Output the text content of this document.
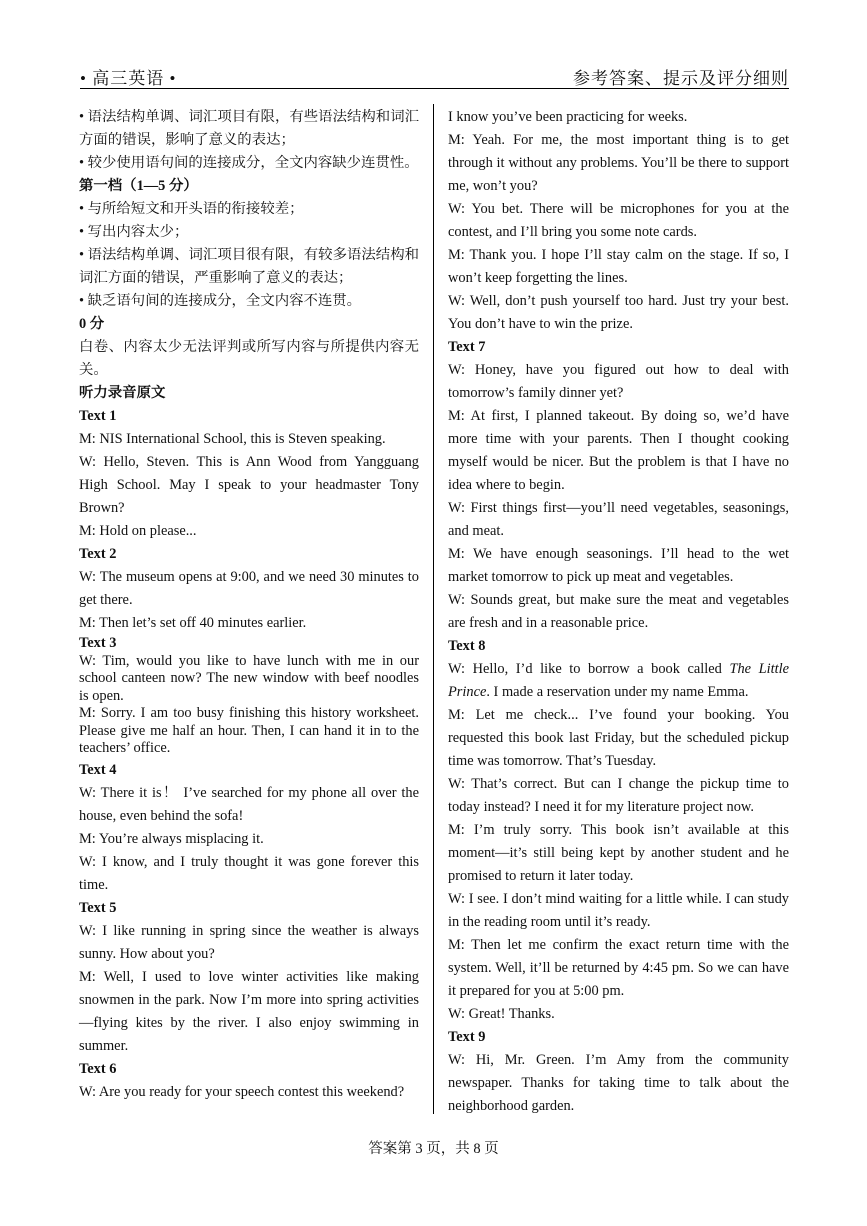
• 高三英语 •	参考答案、提示及评分细则

• 语法结构单调、词汇项目有限，有些语法结构和词汇方面的错误，影响了意义的表达；

• 较少使用语句间的连接成分，全文内容缺少连贯性。

第一档（1—5 分）

• 与所给短文和开头语的衔接较差；

• 写出内容太少；

• 语法结构单调、词汇项目很有限，有较多语法结构和词汇方面的错误，严重影响了意义的表达；

• 缺乏语句间的连接成分，全文内容不连贯。

0 分

白卷、内容太少无法评判或所写内容与所提供内容无关。

听力录音原文

Text 1

M: NIS International School, this is Steven speaking.

W: Hello, Steven. This is Ann Wood from Yangguang High School. May I speak to your headmaster Tony Brown?

M: Hold on please...

Text 2

W: The museum opens at 9:00, and we need 30 minutes to get there.

M: Then let’s set off 40 minutes earlier.

Text 3

W: Tim, would you like to have lunch with me in our school canteen now? The new window with beef noodles is open.

M: Sorry. I am too busy finishing this history worksheet. Please give me half an hour. Then, I can hand it in to the teachers’ office.

Text 4

W: There it is！ I’ve searched for my phone all over the house, even behind the sofa!

M: You’re always misplacing it.

W: I know, and I truly thought it was gone forever this time.

Text 5

W: I like running in spring since the weather is always sunny. How about you?

M: Well, I used to love winter activities like making snowmen in the park. Now I’m more into spring activities—flying kites by the river. I also enjoy swimming in summer.

Text 6

W: Are you ready for your speech contest this weekend?

I know you’ve been practicing for weeks.

M: Yeah. For me, the most important thing is to get through it without any problems. You’ll be there to support me, won’t you?

W: You bet. There will be microphones for you at the contest, and I’ll bring you some note cards.

M: Thank you. I hope I’ll stay calm on the stage. If so, I won’t keep forgetting the lines.

W: Well, don’t push yourself too hard. Just try your best. You don’t have to win the prize.

Text 7

W: Honey, have you figured out how to deal with tomorrow’s family dinner yet?

M: At first, I planned takeout. By doing so, we’d have more time with your parents. Then I thought cooking myself would be nicer. But the problem is that I have no idea where to begin.

W: First things first—you’ll need vegetables, seasonings, and meat.

M: We have enough seasonings. I’ll head to the wet market tomorrow to pick up meat and vegetables.

W: Sounds great, but make sure the meat and vegetables are fresh and in a reasonable price.

Text 8

W: Hello, I’d like to borrow a book called The Little Prince. I made a reservation under my name Emma.

M: Let me check... I’ve found your booking. You requested this book last Friday, but the scheduled pickup time was tomorrow. That’s Tuesday.

W: That’s correct. But can I change the pickup time to today instead? I need it for my literature project now.

M: I’m truly sorry. This book isn’t available at this moment—it’s still being kept by another student and he promised to return it later today.

W: I see. I don’t mind waiting for a little while. I can study in the reading room until it’s ready.

M: Then let me confirm the exact return time with the system. Well, it’ll be returned by 4:45 pm. So we can have it prepared for you at 5:00 pm.

W: Great! Thanks.

Text 9

W: Hi, Mr. Green. I’m Amy from the community newspaper. Thanks for taking time to talk about the neighborhood garden.

答案第 3 页，共 8 页
